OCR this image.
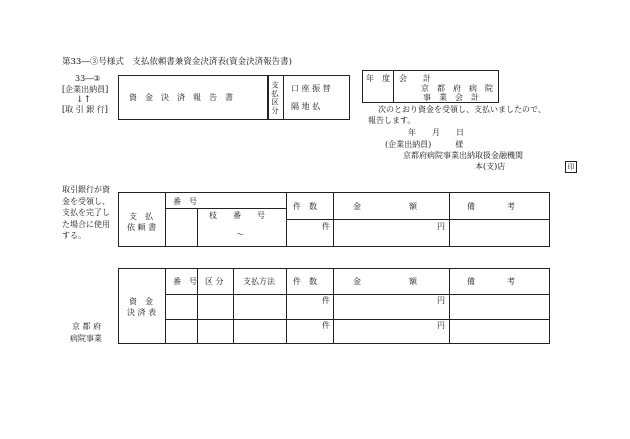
第33―③号様式　支払依頼書兼資金決済表(資金決済報告書)
33―③
[企業出納員]
↓↑
[取 引 銀 行]
資　金　決　済　報　告　書	支払区分 口 座 振 替
隔 地 払
年　度 会　　計
京　都　府　病　院
事　業　会　計
次のとおり資金を受領し、支払いましたので、
報告します。
年　　月　　日
(企業出納員)　　　様
京都府病院事業出納取扱金融機関
本(支)店	印
取引銀行が資
金を受領し、
支払を完了し
た場合に使用
する。
支　払
依 頼 書
番　号
枝　　番　　号
～
件　数	金　　　　　　額	備　　　　考
件	円
資　金
決 済 表
番　号 区 分 支払方法 件　数	金　　　　　　額	備　　　　考
件	円
件	円
京 都 府
病院事業
